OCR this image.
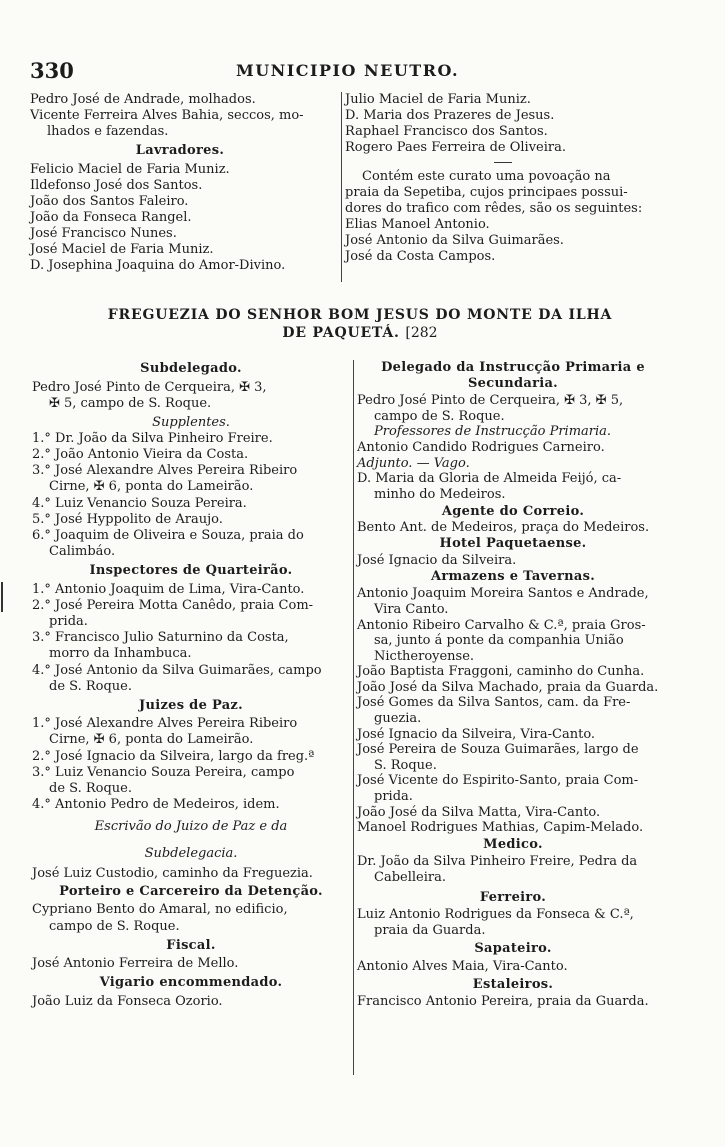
330	MUNICIPIO NEUTRO.
Pedro José de Andrade, molhados.
Vicente Ferreira Alves Bahia, seccos, mo-
lhados e fazendas.
Lavradores.
Felicio Maciel de Faria Muniz.
Ildefonso José dos Santos.
João dos Santos Faleiro.
João da Fonseca Rangel.
José Francisco Nunes.
José Maciel de Faria Muniz.
D. Josephina Joaquina do Amor-Divino.
Julio Maciel de Faria Muniz.
D. Maria dos Prazeres de Jesus.
Raphael Francisco dos Santos.
Rogero Paes Ferreira de Oliveira.
Contém este curato uma povoação na
praia da Sepetiba, cujos principaes possui-
dores do trafico com rêdes, são os seguintes:
Elias Manoel Antonio.
José Antonio da Silva Guimarães.
José da Costa Campos.
FREGUEZIA DO SENHOR BOM JESUS DO MONTE DA ILHA
DE PAQUETÁ. [282
Subdelegado.
Pedro José Pinto de Cerqueira, ✠ 3,
✠ 5, campo de S. Roque.
Supplentes.
1.° Dr. João da Silva Pinheiro Freire.
2.° João Antonio Vieira da Costa.
3.° José Alexandre Alves Pereira Ribeiro
Cirne, ✠ 6, ponta do Lameirão.
4.° Luiz Venancio Souza Pereira.
5.° José Hyppolito de Araujo.
6.° Joaquim de Oliveira e Souza, praia do
Calimbáo.
Inspectores de Quarteirão.
1.° Antonio Joaquim de Lima, Vira-Canto.
2.° José Pereira Motta Canêdo, praia Com-
prida.
3.° Francisco Julio Saturnino da Costa,
morro da Inhambuca.
4.° José Antonio da Silva Guimarães, campo
de S. Roque.
Juizes de Paz.
1.° José Alexandre Alves Pereira Ribeiro
Cirne, ✠ 6, ponta do Lameirão.
2.° José Ignacio da Silveira, largo da freg.ª
3.° Luiz Venancio Souza Pereira, campo
de S. Roque.
4.° Antonio Pedro de Medeiros, idem.
Escrivão do Juizo de Paz e da
Subdelegacia.
José Luiz Custodio, caminho da Freguezia.
Porteiro e Carcereiro da Detenção.
Cypriano Bento do Amaral, no edificio,
campo de S. Roque.
Fiscal.
José Antonio Ferreira de Mello.
Vigario encommendado.
João Luiz da Fonseca Ozorio.
Delegado da Instrucção Primaria e
Secundaria.
Pedro José Pinto de Cerqueira, ✠ 3, ✠ 5,
campo de S. Roque.
Professores de Instrucção Primaria.
Antonio Candido Rodrigues Carneiro.
Adjunto. — Vago.
D. Maria da Gloria de Almeida Feijó, ca-
minho do Medeiros.
Agente do Correio.
Bento Ant. de Medeiros, praça do Medeiros.
Hotel Paquetaense.
José Ignacio da Silveira.
Armazens e Tavernas.
Antonio Joaquim Moreira Santos e Andrade,
Vira Canto.
Antonio Ribeiro Carvalho & C.ª, praia Gros-
sa, junto á ponte da companhia União
Nictheroyense.
João Baptista Fraggoni, caminho do Cunha.
João José da Silva Machado, praia da Guarda.
José Gomes da Silva Santos, cam. da Fre-
guezia.
José Ignacio da Silveira, Vira-Canto.
José Pereira de Souza Guimarães, largo de
S. Roque.
José Vicente do Espirito-Santo, praia Com-
prida.
João José da Silva Matta, Vira-Canto.
Manoel Rodrigues Mathias, Capim-Melado.
Medico.
Dr. João da Silva Pinheiro Freire, Pedra da
Cabelleira.
Ferreiro.
Luiz Antonio Rodrigues da Fonseca & C.ª,
praia da Guarda.
Sapateiro.
Antonio Alves Maia, Vira-Canto.
Estaleiros.
Francisco Antonio Pereira, praia da Guarda.
